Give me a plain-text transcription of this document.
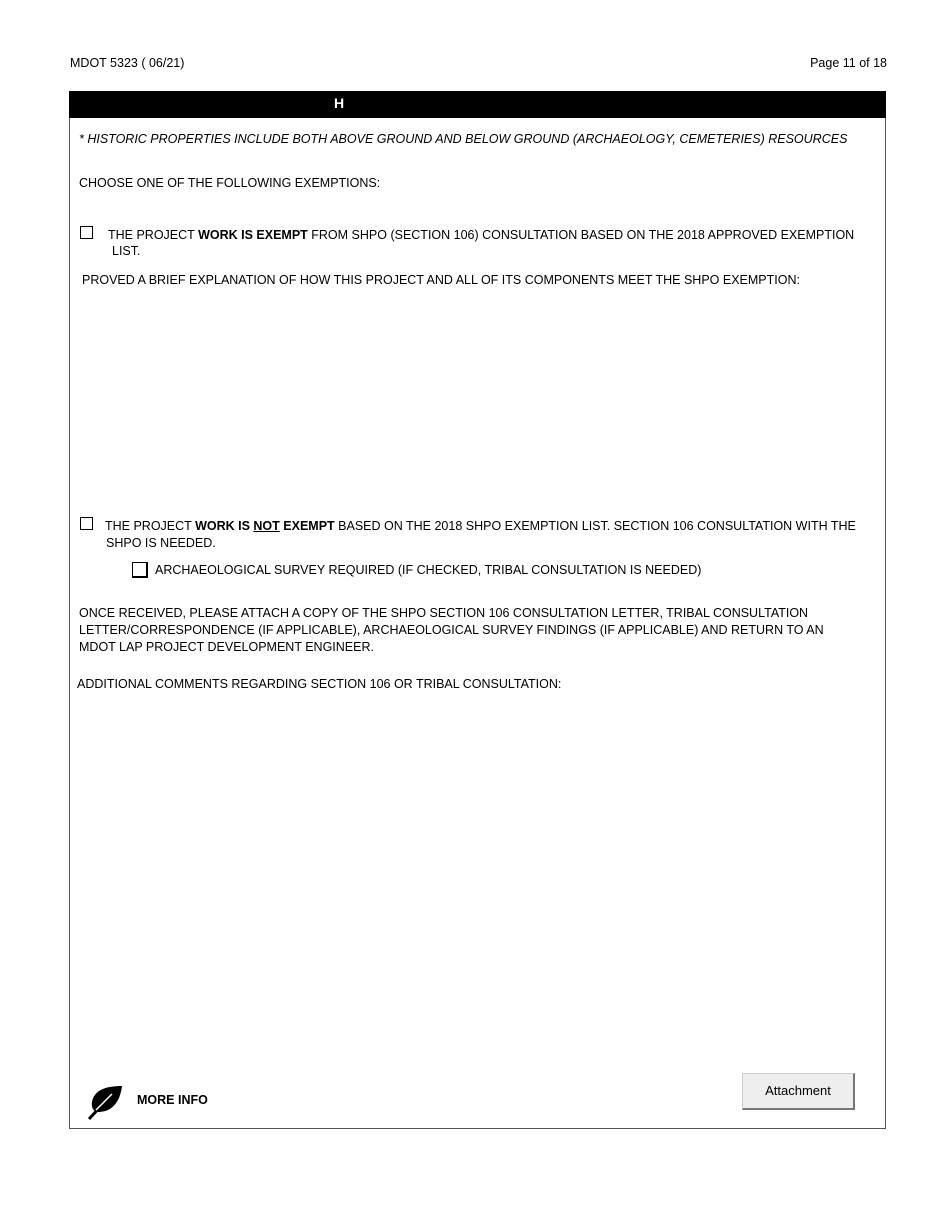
MDOT 5323 ( 06/21)	Page 11 of 18
H
* HISTORIC PROPERTIES INCLUDE BOTH ABOVE GROUND AND BELOW GROUND (ARCHAEOLOGY, CEMETERIES) RESOURCES
CHOOSE ONE OF THE FOLLOWING EXEMPTIONS:
THE PROJECT WORK IS EXEMPT FROM SHPO (SECTION 106) CONSULTATION BASED ON THE 2018 APPROVED EXEMPTION
LIST.
PROVED A BRIEF EXPLANATION OF HOW THIS PROJECT AND ALL OF ITS COMPONENTS MEET THE SHPO EXEMPTION:
THE PROJECT WORK IS NOT EXEMPT BASED ON THE 2018 SHPO EXEMPTION LIST. SECTION 106 CONSULTATION WITH THE
SHPO IS NEEDED.
ARCHAEOLOGICAL SURVEY REQUIRED (IF CHECKED, TRIBAL CONSULTATION IS NEEDED)
ONCE RECEIVED, PLEASE ATTACH A COPY OF THE SHPO SECTION 106 CONSULTATION LETTER, TRIBAL CONSULTATION
LETTER/CORRESPONDENCE (IF APPLICABLE), ARCHAEOLOGICAL SURVEY FINDINGS (IF APPLICABLE) AND RETURN TO AN
MDOT LAP PROJECT DEVELOPMENT ENGINEER.
ADDITIONAL COMMENTS REGARDING SECTION 106 OR TRIBAL CONSULTATION:
MORE INFO
Attachment
